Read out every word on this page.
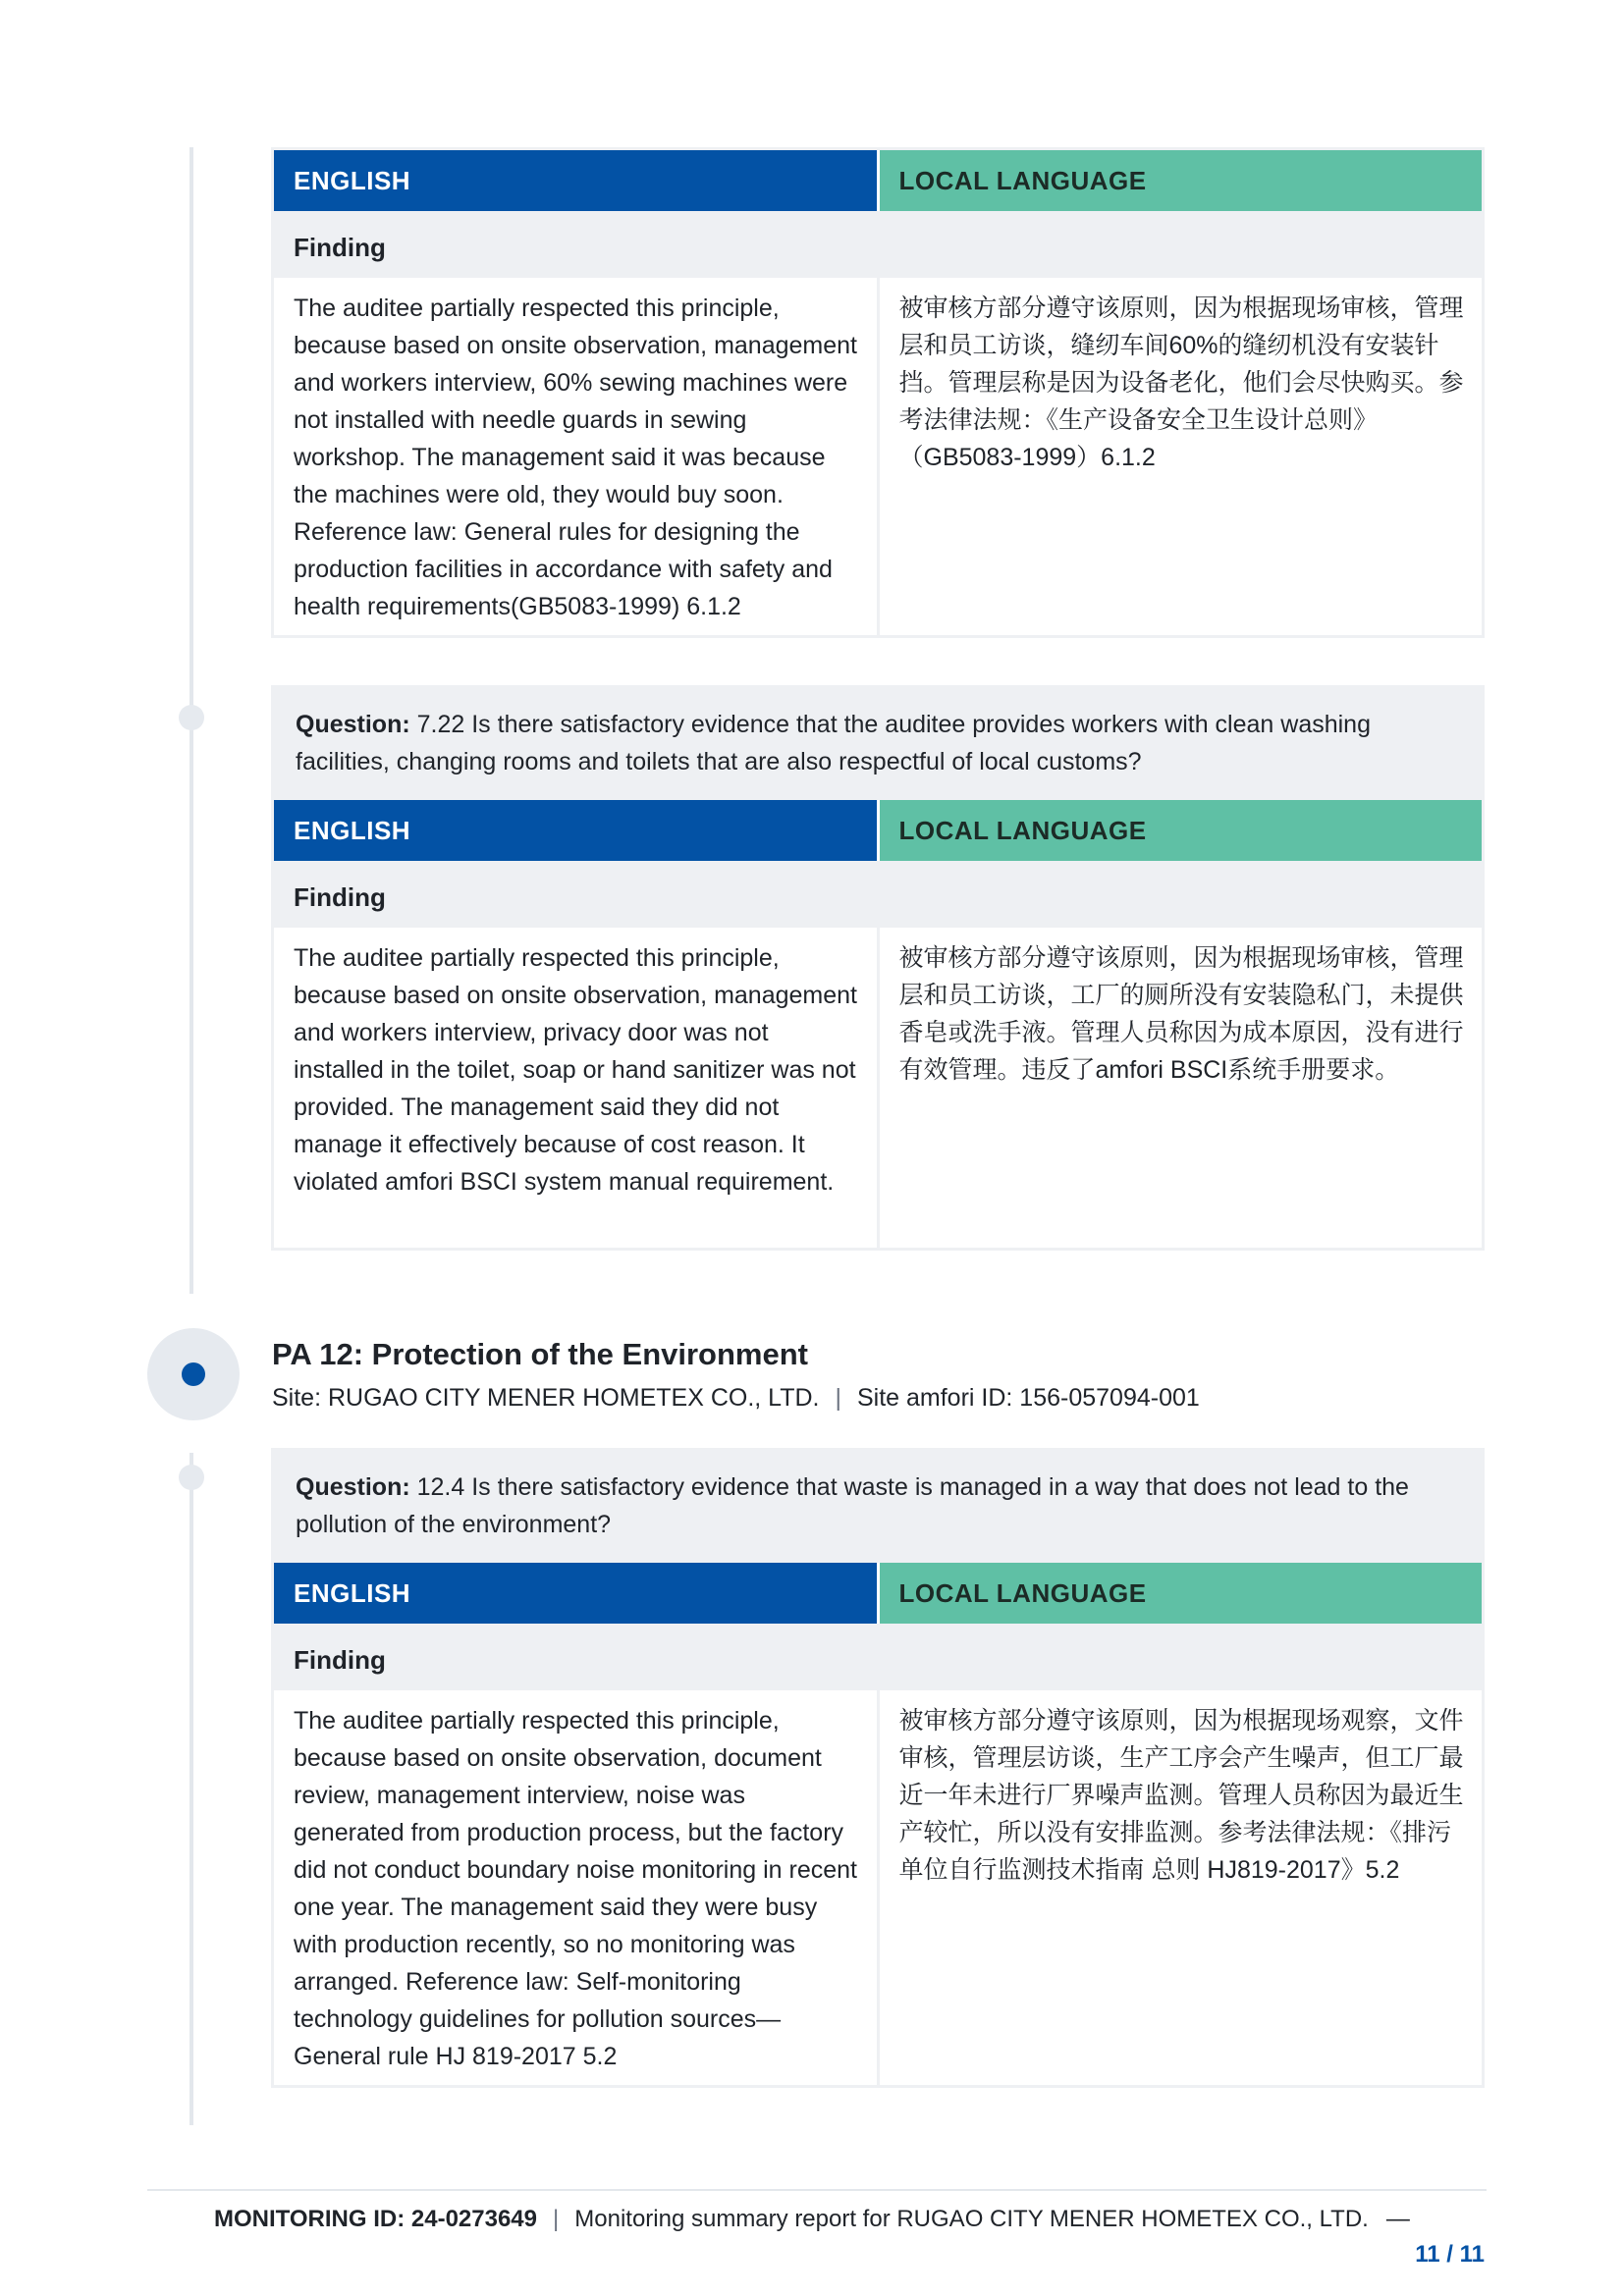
ENGLISH	LOCAL LANGUAGE
Finding
The auditee partially respected this principle, because based on onsite observation, management and workers interview, 60% sewing machines were not installed with needle guards in sewing workshop. The management said it was because the machines were old, they would buy soon. Reference law: General rules for designing the production facilities in accordance with safety and health requirements(GB5083-1999) 6.1.2
被审核方部分遵守该原则，因为根据现场审核，管理层和员工访谈，缝纫车间60%的缝纫机没有安装针挡。管理层称是因为设备老化，他们会尽快购买。参考法律法规：《生产设备安全卫生设计总则》（GB5083-1999）6.1.2
Question: 7.22 Is there satisfactory evidence that the auditee provides workers with clean washing facilities, changing rooms and toilets that are also respectful of local customs?
ENGLISH	LOCAL LANGUAGE
Finding
The auditee partially respected this principle, because based on onsite observation, management and workers interview, privacy door was not installed in the toilet, soap or hand sanitizer was not provided. The management said they did not manage it effectively because of cost reason. It violated amfori BSCI system manual requirement.
被审核方部分遵守该原则，因为根据现场审核，管理层和员工访谈，工厂的厕所没有安装隐私门，未提供香皂或洗手液。管理人员称因为成本原因，没有进行有效管理。违反了amfori BSCI系统手册要求。
PA 12: Protection of the Environment
Site: RUGAO CITY MENER HOMETEX CO., LTD. | Site amfori ID: 156-057094-001
Question: 12.4 Is there satisfactory evidence that waste is managed in a way that does not lead to the pollution of the environment?
ENGLISH	LOCAL LANGUAGE
Finding
The auditee partially respected this principle, because based on onsite observation, document review, management interview, noise was generated from production process, but the factory did not conduct boundary noise monitoring in recent one year. The management said they were busy with production recently, so no monitoring was arranged. Reference law: Self-monitoring technology guidelines for pollution sources—General rule HJ 819-2017 5.2
被审核方部分遵守该原则，因为根据现场观察，文件审核，管理层访谈，生产工序会产生噪声，但工厂最近一年未进行厂界噪声监测。管理人员称因为最近生产较忙，所以没有安排监测。参考法律法规：《排污单位自行监测技术指南 总则 HJ819-2017》5.2
MONITORING ID: 24-0273649 | Monitoring summary report for RUGAO CITY MENER HOMETEX CO., LTD. —
11 / 11
